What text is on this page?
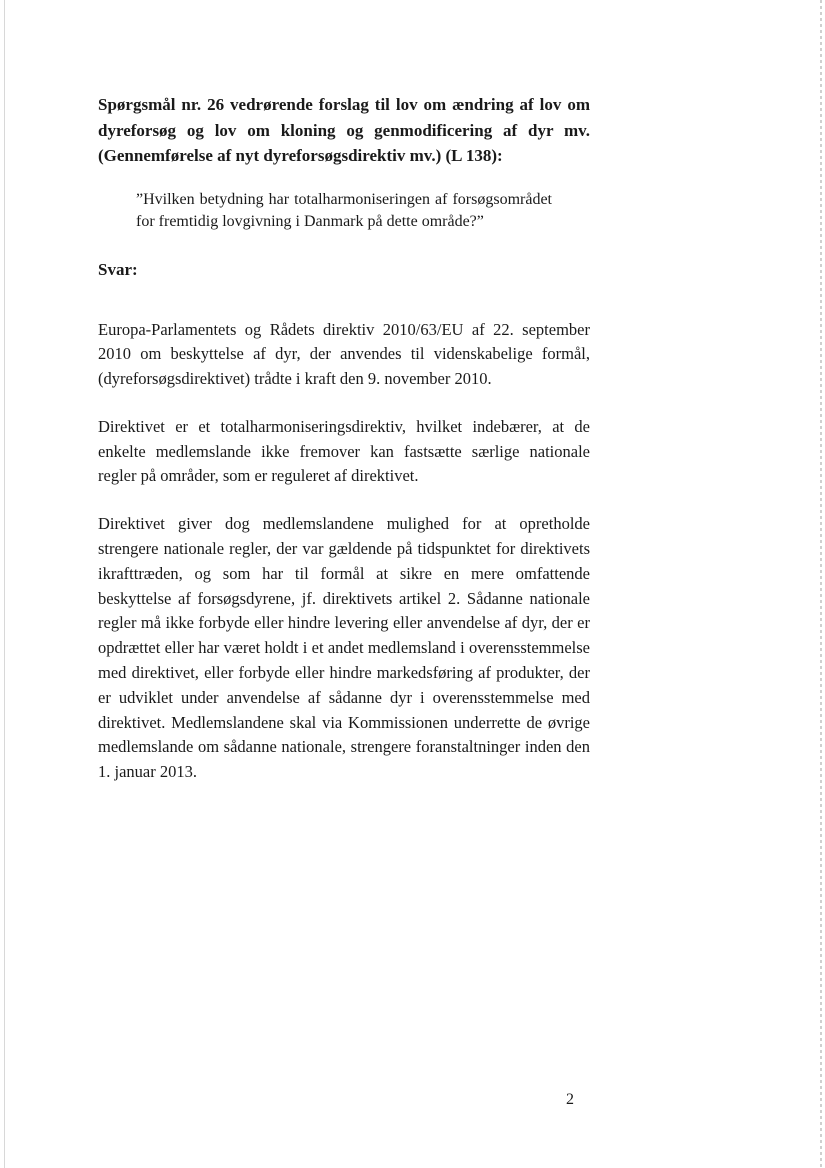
Spørgsmål nr. 26 vedrørende forslag til lov om ændring af lov om dyreforsøg og lov om kloning og genmodificering af dyr mv. (Gennemførelse af nyt dyreforsøgsdirektiv mv.) (L 138):

”Hvilken betydning har totalharmoniseringen af forsøgsområdet for fremtidig lovgivning i Danmark på dette område?”

Svar:

Europa-Parlamentets og Rådets direktiv 2010/63/EU af 22. september 2010 om beskyttelse af dyr, der anvendes til videnskabelige formål, (dyreforsøgsdirektivet) trådte i kraft den 9. november 2010.

Direktivet er et totalharmoniseringsdirektiv, hvilket indebærer, at de enkelte medlemslande ikke fremover kan fastsætte særlige nationale regler på områder, som er reguleret af direktivet.

Direktivet giver dog medlemslandene mulighed for at opretholde strengere nationale regler, der var gældende på tidspunktet for direktivets ikrafttræden, og som har til formål at sikre en mere omfattende beskyttelse af forsøgsdyrene, jf. direktivets artikel 2. Sådanne nationale regler må ikke forbyde eller hindre levering eller anvendelse af dyr, der er opdrættet eller har været holdt i et andet medlemsland i overensstemmelse med direktivet, eller forbyde eller hindre markedsføring af produkter, der er udviklet under anvendelse af sådanne dyr i overensstemmelse med direktivet. Medlemslandene skal via Kommissionen underrette de øvrige medlemslande om sådanne nationale, strengere foranstaltninger inden den 1. januar 2013.

2
